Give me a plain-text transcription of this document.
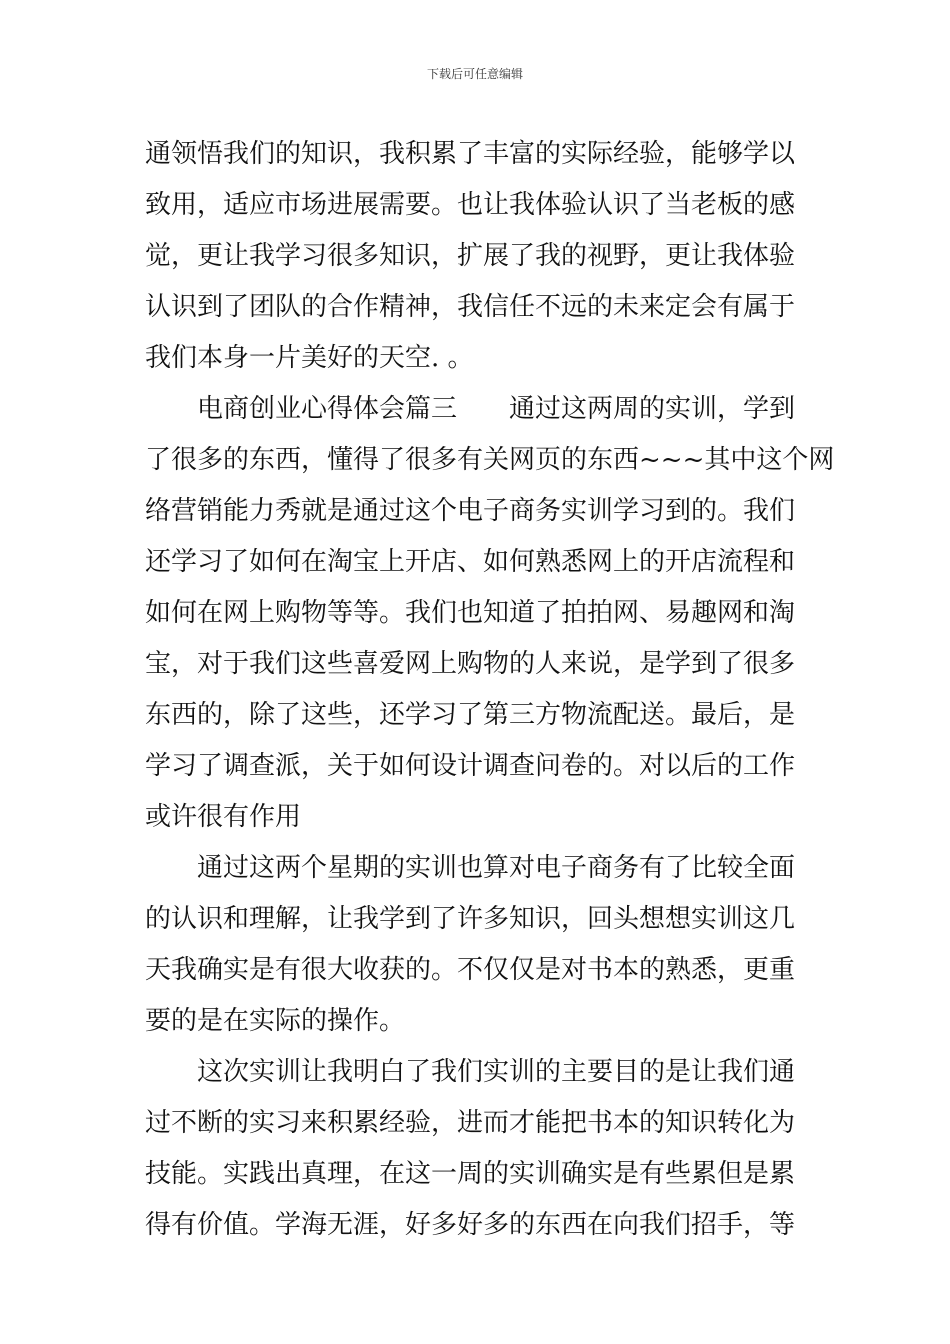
下载后可任意编辑
通领悟我们的知识，我积累了丰富的实际经验，能够学以
致用，适应市场进展需要。也让我体验认识了当老板的感
觉，更让我学习很多知识，扩展了我的视野，更让我体验
认识到了团队的合作精神，我信任不远的未来定会有属于
我们本身一片美好的天空. 。
电商创业心得体会篇三 通过这两周的实训，学到
了很多的东西，懂得了很多有关网页的东西~~~其中这个网
络营销能力秀就是通过这个电子商务实训学习到的。我们
还学习了如何在淘宝上开店、如何熟悉网上的开店流程和
如何在网上购物等等。我们也知道了拍拍网、易趣网和淘
宝，对于我们这些喜爱网上购物的人来说，是学到了很多
东西的，除了这些，还学习了第三方物流配送。最后，是
学习了调查派，关于如何设计调查问卷的。对以后的工作
或许很有作用
通过这两个星期的实训也算对电子商务有了比较全面
的认识和理解，让我学到了许多知识，回头想想实训这几
天我确实是有很大收获的。不仅仅是对书本的熟悉，更重
要的是在实际的操作。
这次实训让我明白了我们实训的主要目的是让我们通
过不断的实习来积累经验，进而才能把书本的知识转化为
技能。实践出真理，在这一周的实训确实是有些累但是累
得有价值。学海无涯，好多好多的东西在向我们招手，等
